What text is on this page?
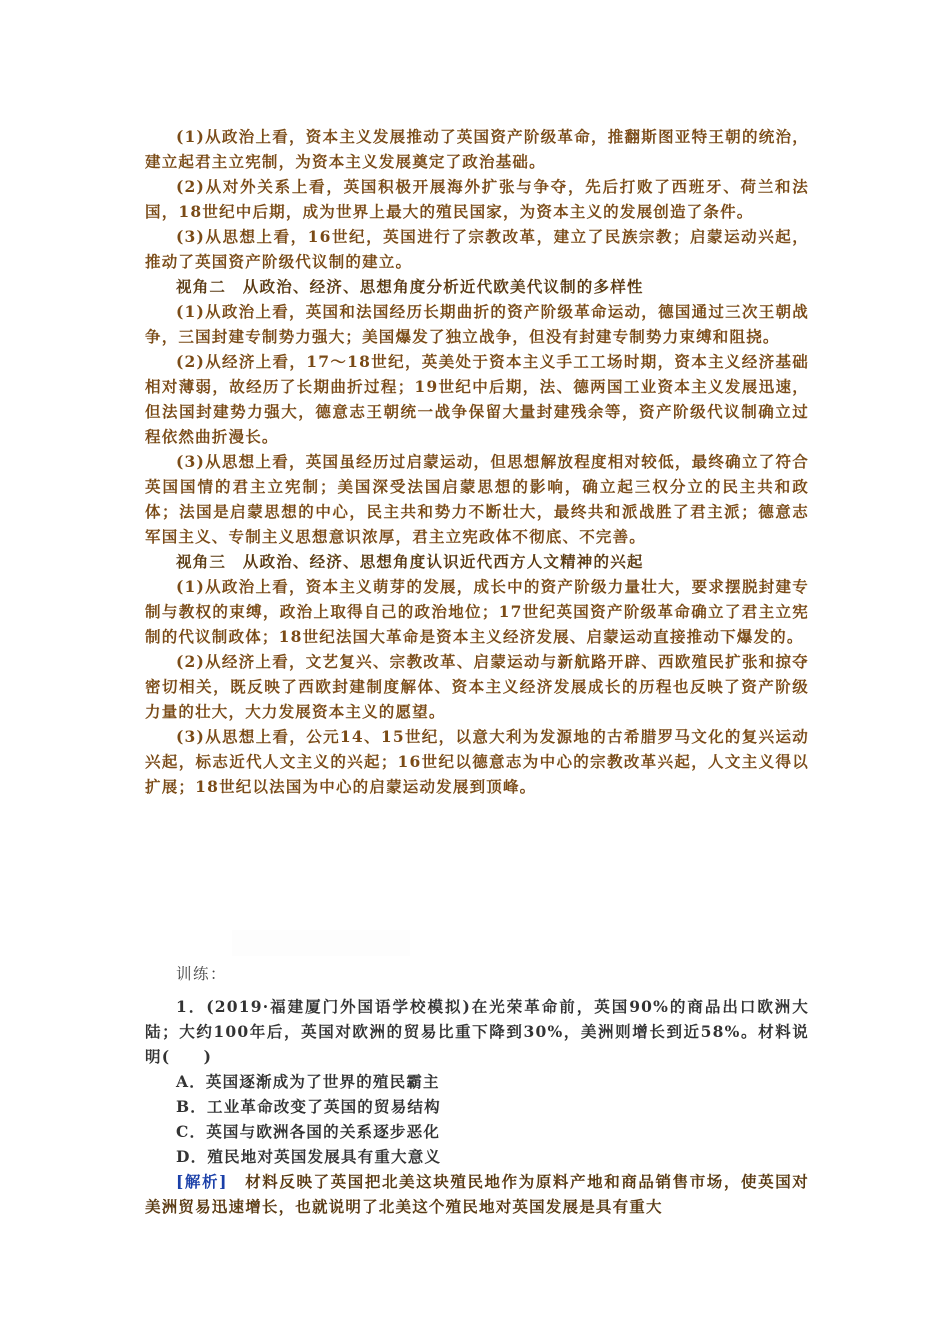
(1)从政治上看，资本主义发展推动了英国资产阶级革命，推翻斯图亚特王朝的统治，建立起君主立宪制，为资本主义发展奠定了政治基础。

(2)从对外关系上看，英国积极开展海外扩张与争夺，先后打败了西班牙、荷兰和法国，18世纪中后期，成为世界上最大的殖民国家，为资本主义的发展创造了条件。

(3)从思想上看，16世纪，英国进行了宗教改革，建立了民族宗教；启蒙运动兴起，推动了英国资产阶级代议制的建立。

视角二　从政治、经济、思想角度分析近代欧美代议制的多样性

(1)从政治上看，英国和法国经历长期曲折的资产阶级革命运动，德国通过三次王朝战争，三国封建专制势力强大；美国爆发了独立战争，但没有封建专制势力束缚和阻挠。

(2)从经济上看，17～18世纪，英美处于资本主义手工工场时期，资本主义经济基础相对薄弱，故经历了长期曲折过程；19世纪中后期，法、德两国工业资本主义发展迅速，但法国封建势力强大，德意志王朝统一战争保留大量封建残余等，资产阶级代议制确立过程依然曲折漫长。

(3)从思想上看，英国虽经历过启蒙运动，但思想解放程度相对较低，最终确立了符合英国国情的君主立宪制；美国深受法国启蒙思想的影响，确立起三权分立的民主共和政体；法国是启蒙思想的中心，民主共和势力不断壮大，最终共和派战胜了君主派；德意志军国主义、专制主义思想意识浓厚，君主立宪政体不彻底、不完善。

视角三　从政治、经济、思想角度认识近代西方人文精神的兴起

(1)从政治上看，资本主义萌芽的发展，成长中的资产阶级力量壮大，要求摆脱封建专制与教权的束缚，政治上取得自己的政治地位；17世纪英国资产阶级革命确立了君主立宪制的代议制政体；18世纪法国大革命是资本主义经济发展、启蒙运动直接推动下爆发的。

(2)从经济上看，文艺复兴、宗教改革、启蒙运动与新航路开辟、西欧殖民扩张和掠夺密切相关，既反映了西欧封建制度解体、资本主义经济发展成长的历程也反映了资产阶级力量的壮大，大力发展资本主义的愿望。

(3)从思想上看，公元14、15世纪，以意大利为发源地的古希腊罗马文化的复兴运动兴起，标志近代人文主义的兴起；16世纪以德意志为中心的宗教改革兴起，人文主义得以扩展；18世纪以法国为中心的启蒙运动发展到顶峰。

训练：

1．(2019·福建厦门外国语学校模拟)在光荣革命前，英国90%的商品出口欧洲大陆；大约100年后，英国对欧洲的贸易比重下降到30%，美洲则增长到近58%。材料说明(　　)

A．英国逐渐成为了世界的殖民霸主

B．工业革命改变了英国的贸易结构

C．英国与欧洲各国的关系逐步恶化

D．殖民地对英国发展具有重大意义

[解析]　材料反映了英国把北美这块殖民地作为原料产地和商品销售市场，使英国对美洲贸易迅速增长，也就说明了北美这个殖民地对英国发展是具有重大
